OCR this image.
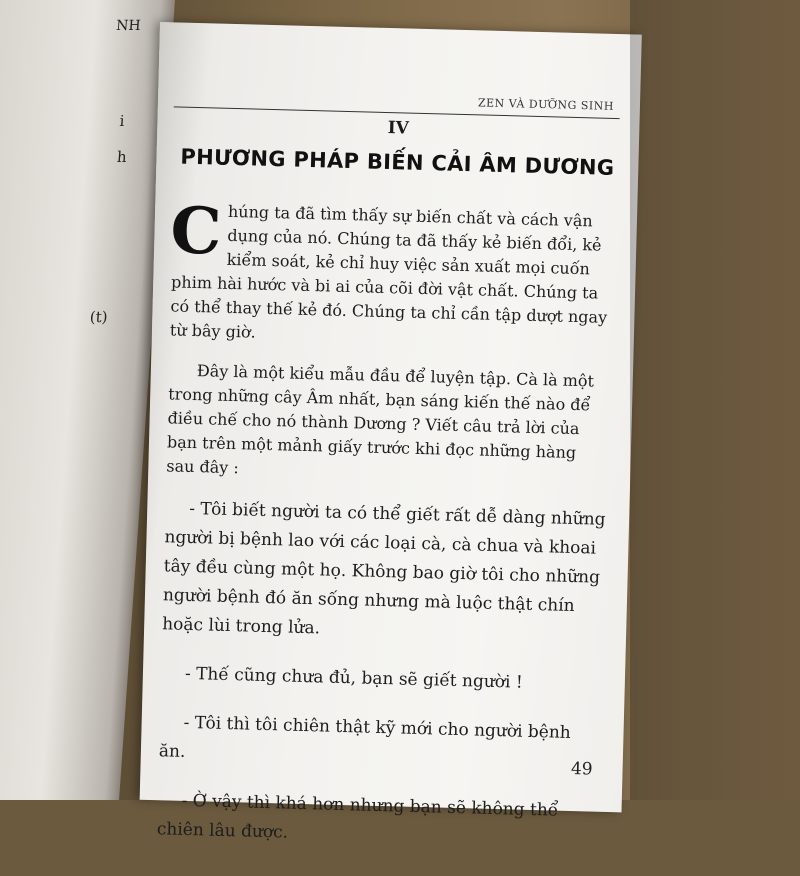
NH
i
h
(t)
ZEN VÀ DƯỠNG SINH
IV
PHƯƠNG PHÁP BIẾN CẢI ÂM DƯƠNG

C húng ta đã tìm thấy sự biến chất và cách vận dụng của nó. Chúng ta đã thấy kẻ biến đổi, kẻ kiểm soát, kẻ chỉ huy việc sản xuất mọi cuốn phim hài hước và bi ai của cõi đời vật chất. Chúng ta có thể thay thế kẻ đó. Chúng ta chỉ cần tập dượt ngay từ bây giờ.

Đây là một kiểu mẫu đầu để luyện tập. Cà là một trong những cây Âm nhất, bạn sáng kiến thế nào để điều chế cho nó thành Dương ? Viết câu trả lời của bạn trên một mảnh giấy trước khi đọc những hàng sau đây :

- Tôi biết người ta có thể giết rất dễ dàng những người bị bệnh lao với các loại cà, cà chua và khoai tây đều cùng một họ. Không bao giờ tôi cho những người bệnh đó ăn sống nhưng mà luộc thật chín hoặc lùi trong lửa.

- Thế cũng chưa đủ, bạn sẽ giết người !

- Tôi thì tôi chiên thật kỹ mới cho người bệnh ăn.

- Ờ vậy thì khá hơn nhưng bạn sẽ không thể chiên lâu được.

49
